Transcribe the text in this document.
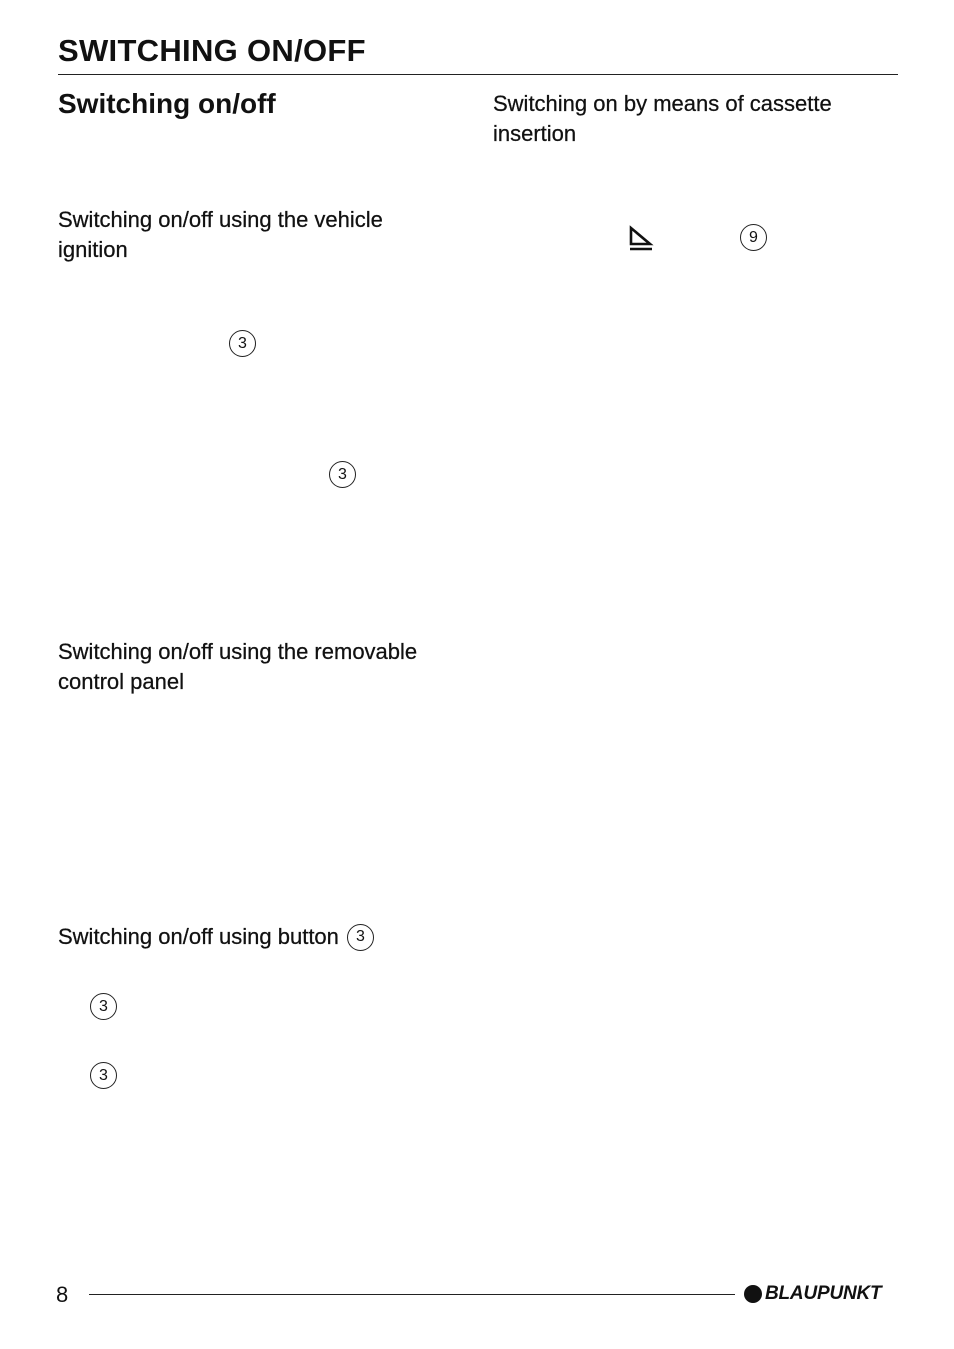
SWITCHING ON/OFF
Switching on/off
Switching on/off using the vehicle ignition
3
3
Switching on/off using the removable control panel
Switching on/off using button	3
3
3
Switching on by means of cassette insertion
9
8	BLAUPUNKT
